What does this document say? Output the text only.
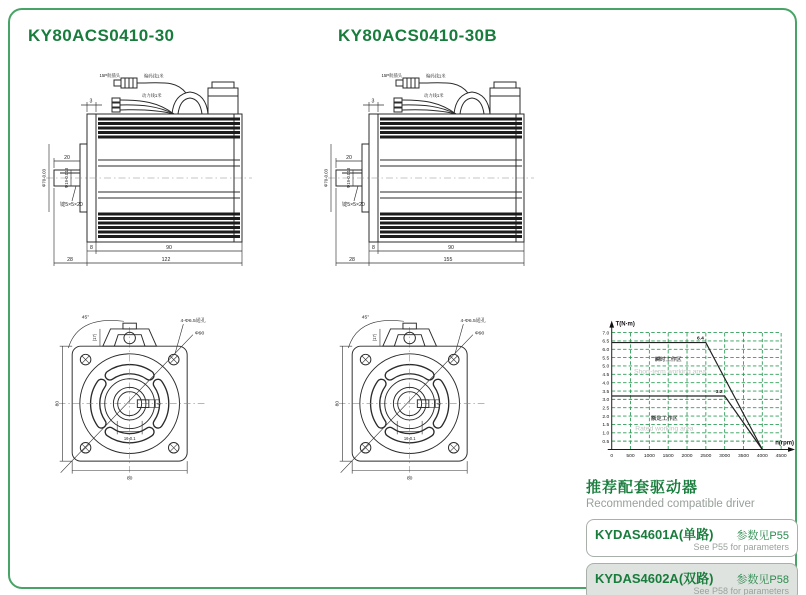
KY80ACS0410-30	KY80ACS0410-30B
15P航插头	编码线1米
动力线1米
3
20
Φ70-0.03	Φ19-0.013
键5×5×20
8	90
28	122
15P航插头	编码线1米
动力线1米
3
20
Φ70-0.03	Φ19-0.013
键5×5×20
8	90
28	155
45°
(17)
4-Φ6.5通孔
Φ90
80
80
5
16-0.1
45°
(17)
4-Φ6.5通孔
Φ90
80
80
5
16-0.1
0	500 1000 1500 2000 2500 3000 3500 4000 4500
0.5
1.0
1.5
2.0
2.5
3.0
3.5
4.0
4.5
5.0
5.5
6.0
6.5
7.0
T(N·m)
n(rpm)
6.4
3.2
瞬时工作区
Short-term working area
额定工作区
Rated working area
推荐配套驱动器
Recommended compatible driver
KYDAS4601A(单路) 参数见P55
See P55 for parameters
KYDAS4602A(双路) 参数见P58
See P58 for parameters
